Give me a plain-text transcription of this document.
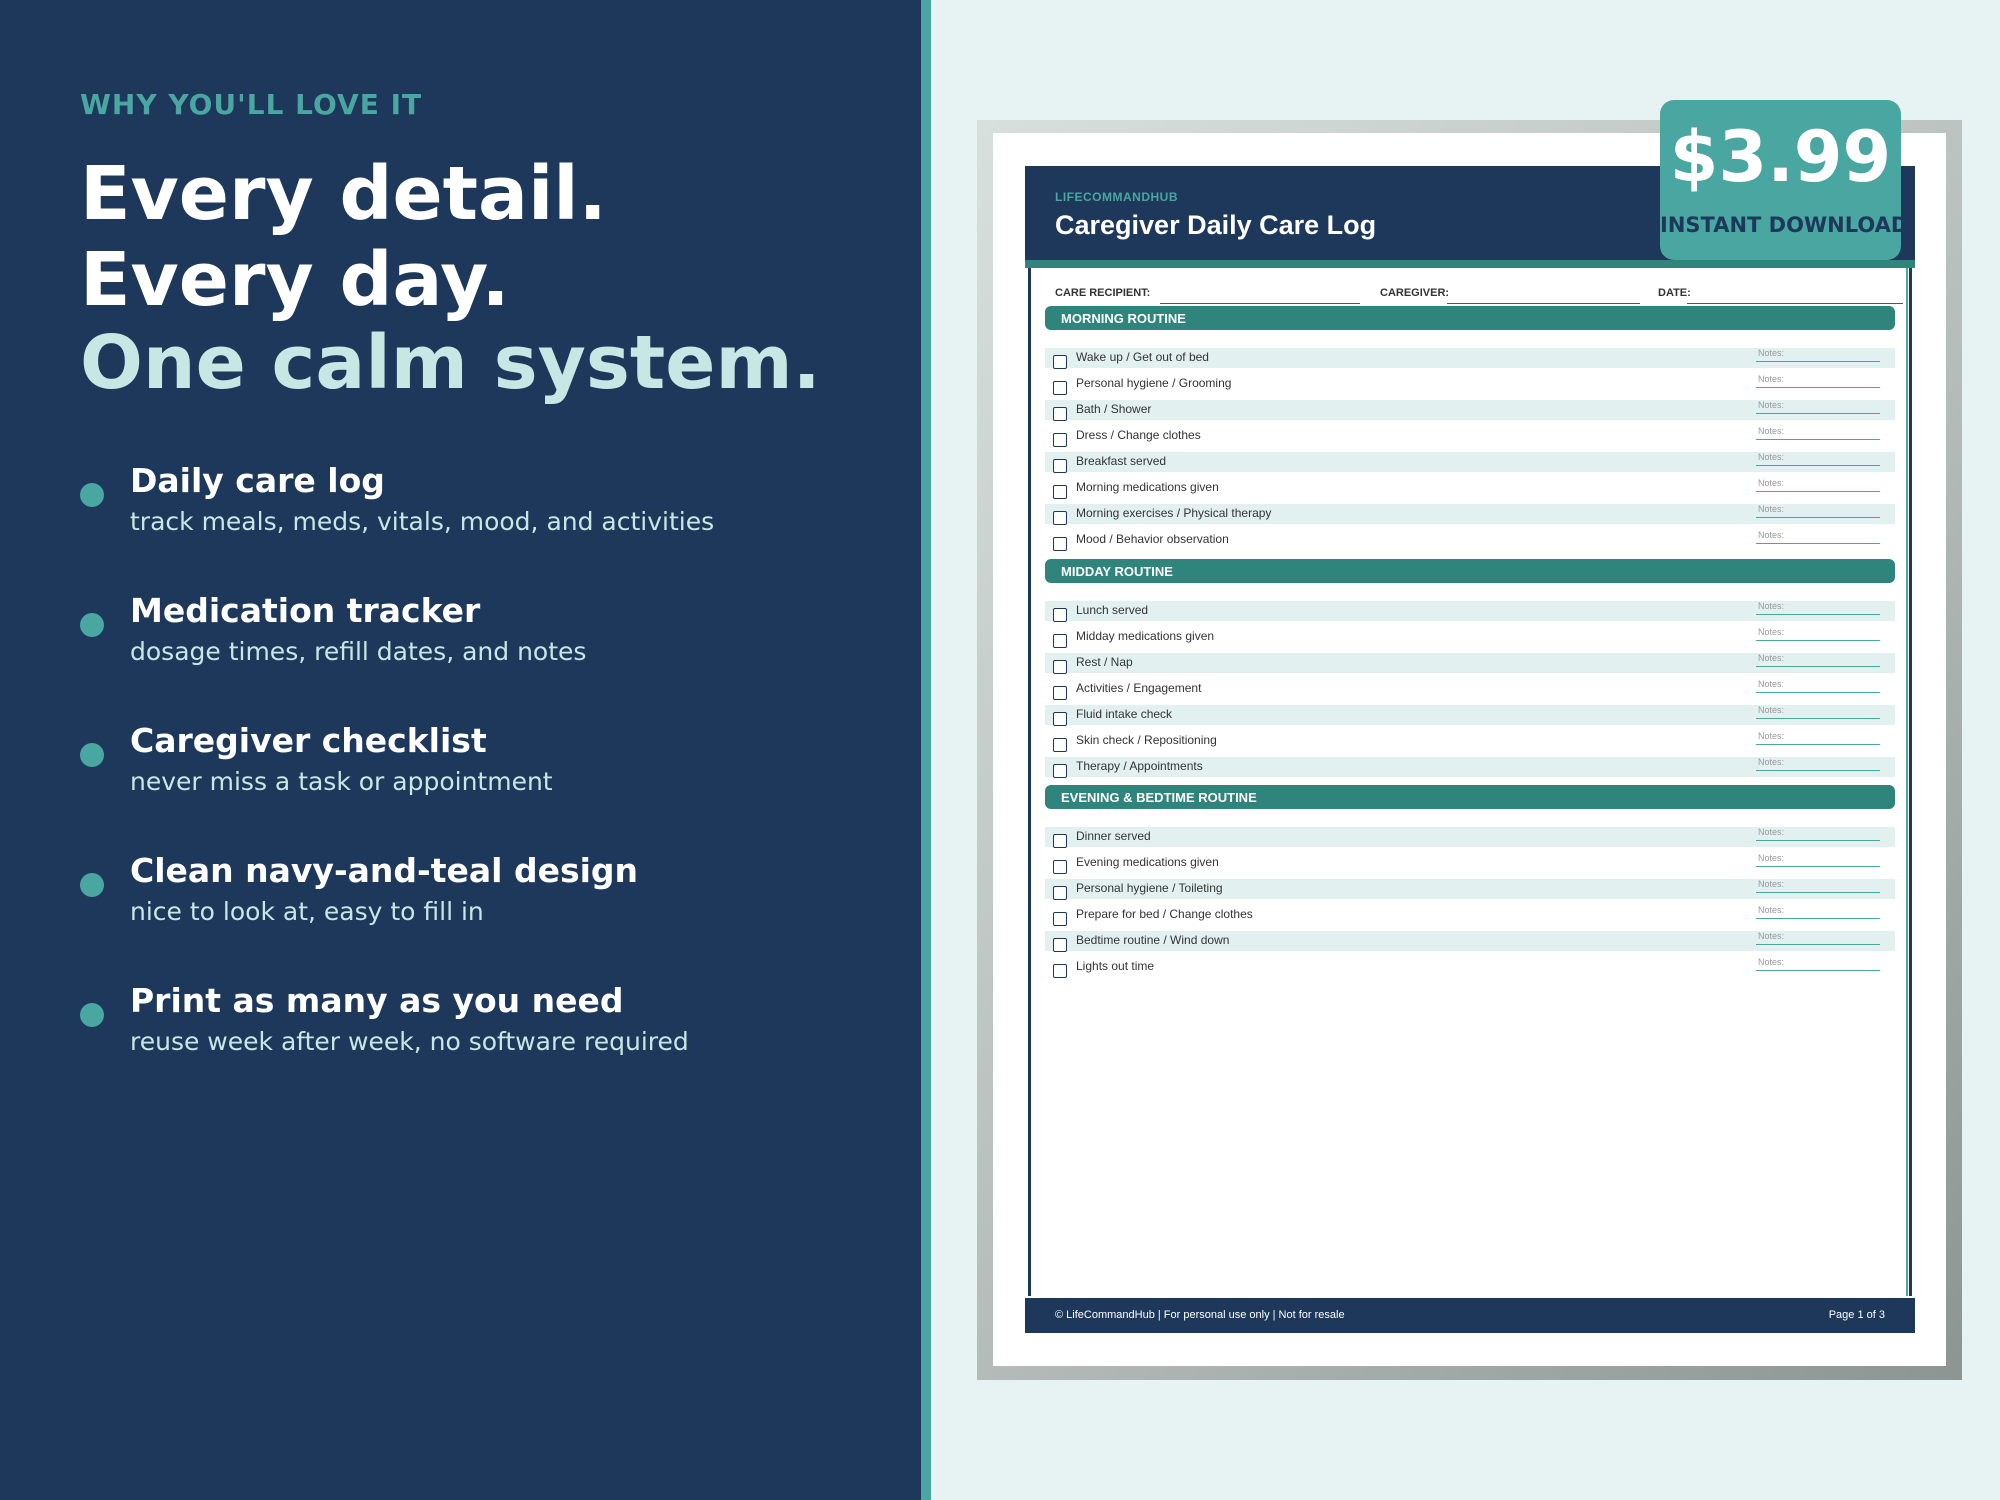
WHY YOU'LL LOVE IT
Every detail.
Every day.
One calm system.
Daily care log
track meals, meds, vitals, mood, and activities
Medication tracker
dosage times, refill dates, and notes
Caregiver checklist
never miss a task or appointment
Clean navy-and-teal design
nice to look at, easy to fill in
Print as many as you need
reuse week after week, no software required
LIFECOMMANDHUB
Caregiver Daily Care Log
CARE RECIPIENT:	CAREGIVER:	DATE:
MORNING ROUTINE
Wake up / Get out of bed	Notes:
Personal hygiene / Grooming	Notes:
Bath / Shower	Notes:
Dress / Change clothes	Notes:
Breakfast served	Notes:
Morning medications given	Notes:
Morning exercises / Physical therapy	Notes:
Mood / Behavior observation	Notes:
MIDDAY ROUTINE
Lunch served	Notes:
Midday medications given	Notes:
Rest / Nap	Notes:
Activities / Engagement	Notes:
Fluid intake check	Notes:
Skin check / Repositioning	Notes:
Therapy / Appointments	Notes:
EVENING & BEDTIME ROUTINE
Dinner served	Notes:
Evening medications given	Notes:
Personal hygiene / Toileting	Notes:
Prepare for bed / Change clothes	Notes:
Bedtime routine / Wind down	Notes:
Lights out time	Notes:
© LifeCommandHub | For personal use only | Not for resale	Page 1 of 3
$3.99
INSTANT DOWNLOAD
